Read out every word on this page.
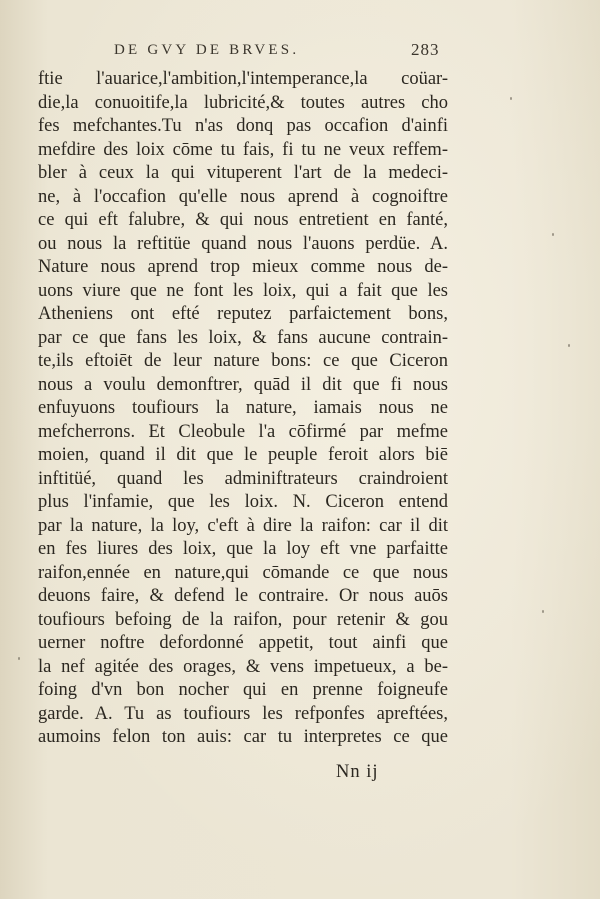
DE GVY DE BRVES.	283
ftie l'auarice,l'ambition,l'intemperance,la coüar-
die,la conuoitife,la lubricité,& toutes autres cho
fes mefchantes.Tu n'as donq pas occafion d'ainfi
mefdire des loix cōme tu fais, fi tu ne veux reffem-
bler à ceux la qui vituperent l'art de la medeci-
ne, à l'occafion qu'elle nous aprend à cognoiftre
ce qui eft falubre, & qui nous entretient en fanté,
ou nous la reftitüe quand nous l'auons perdüe. A.
Nature nous aprend trop mieux comme nous de-
uons viure que ne font les loix, qui a fait que les
Atheniens ont efté reputez parfaictement bons,
par ce que fans les loix, & fans aucune contrain-
te,ils eftoiēt de leur nature bons: ce que Ciceron
nous a voulu demonftrer, quād il dit que fi nous
enfuyuons toufiours la nature, iamais nous ne
mefcherrons. Et Cleobule l'a cōfirmé par mefme
moien, quand il dit que le peuple feroit alors biē
inftitüé, quand les adminiftrateurs craindroient
plus l'infamie, que les loix. N. Ciceron entend
par la nature, la loy, c'eft à dire la raifon: car il dit
en fes liures des loix, que la loy eft vne parfaitte
raifon,ennée en nature,qui cōmande ce que nous
deuons faire, & defend le contraire. Or nous auōs
toufiours befoing de la raifon, pour retenir & gou
uerner noftre defordonné appetit, tout ainfi que
la nef agitée des orages, & vens impetueux, a be-
foing d'vn bon nocher qui en prenne foigneufe
garde. A. Tu as toufiours les refponfes apreftées,
aumoins felon ton auis: car tu interpretes ce que
Nn ij
